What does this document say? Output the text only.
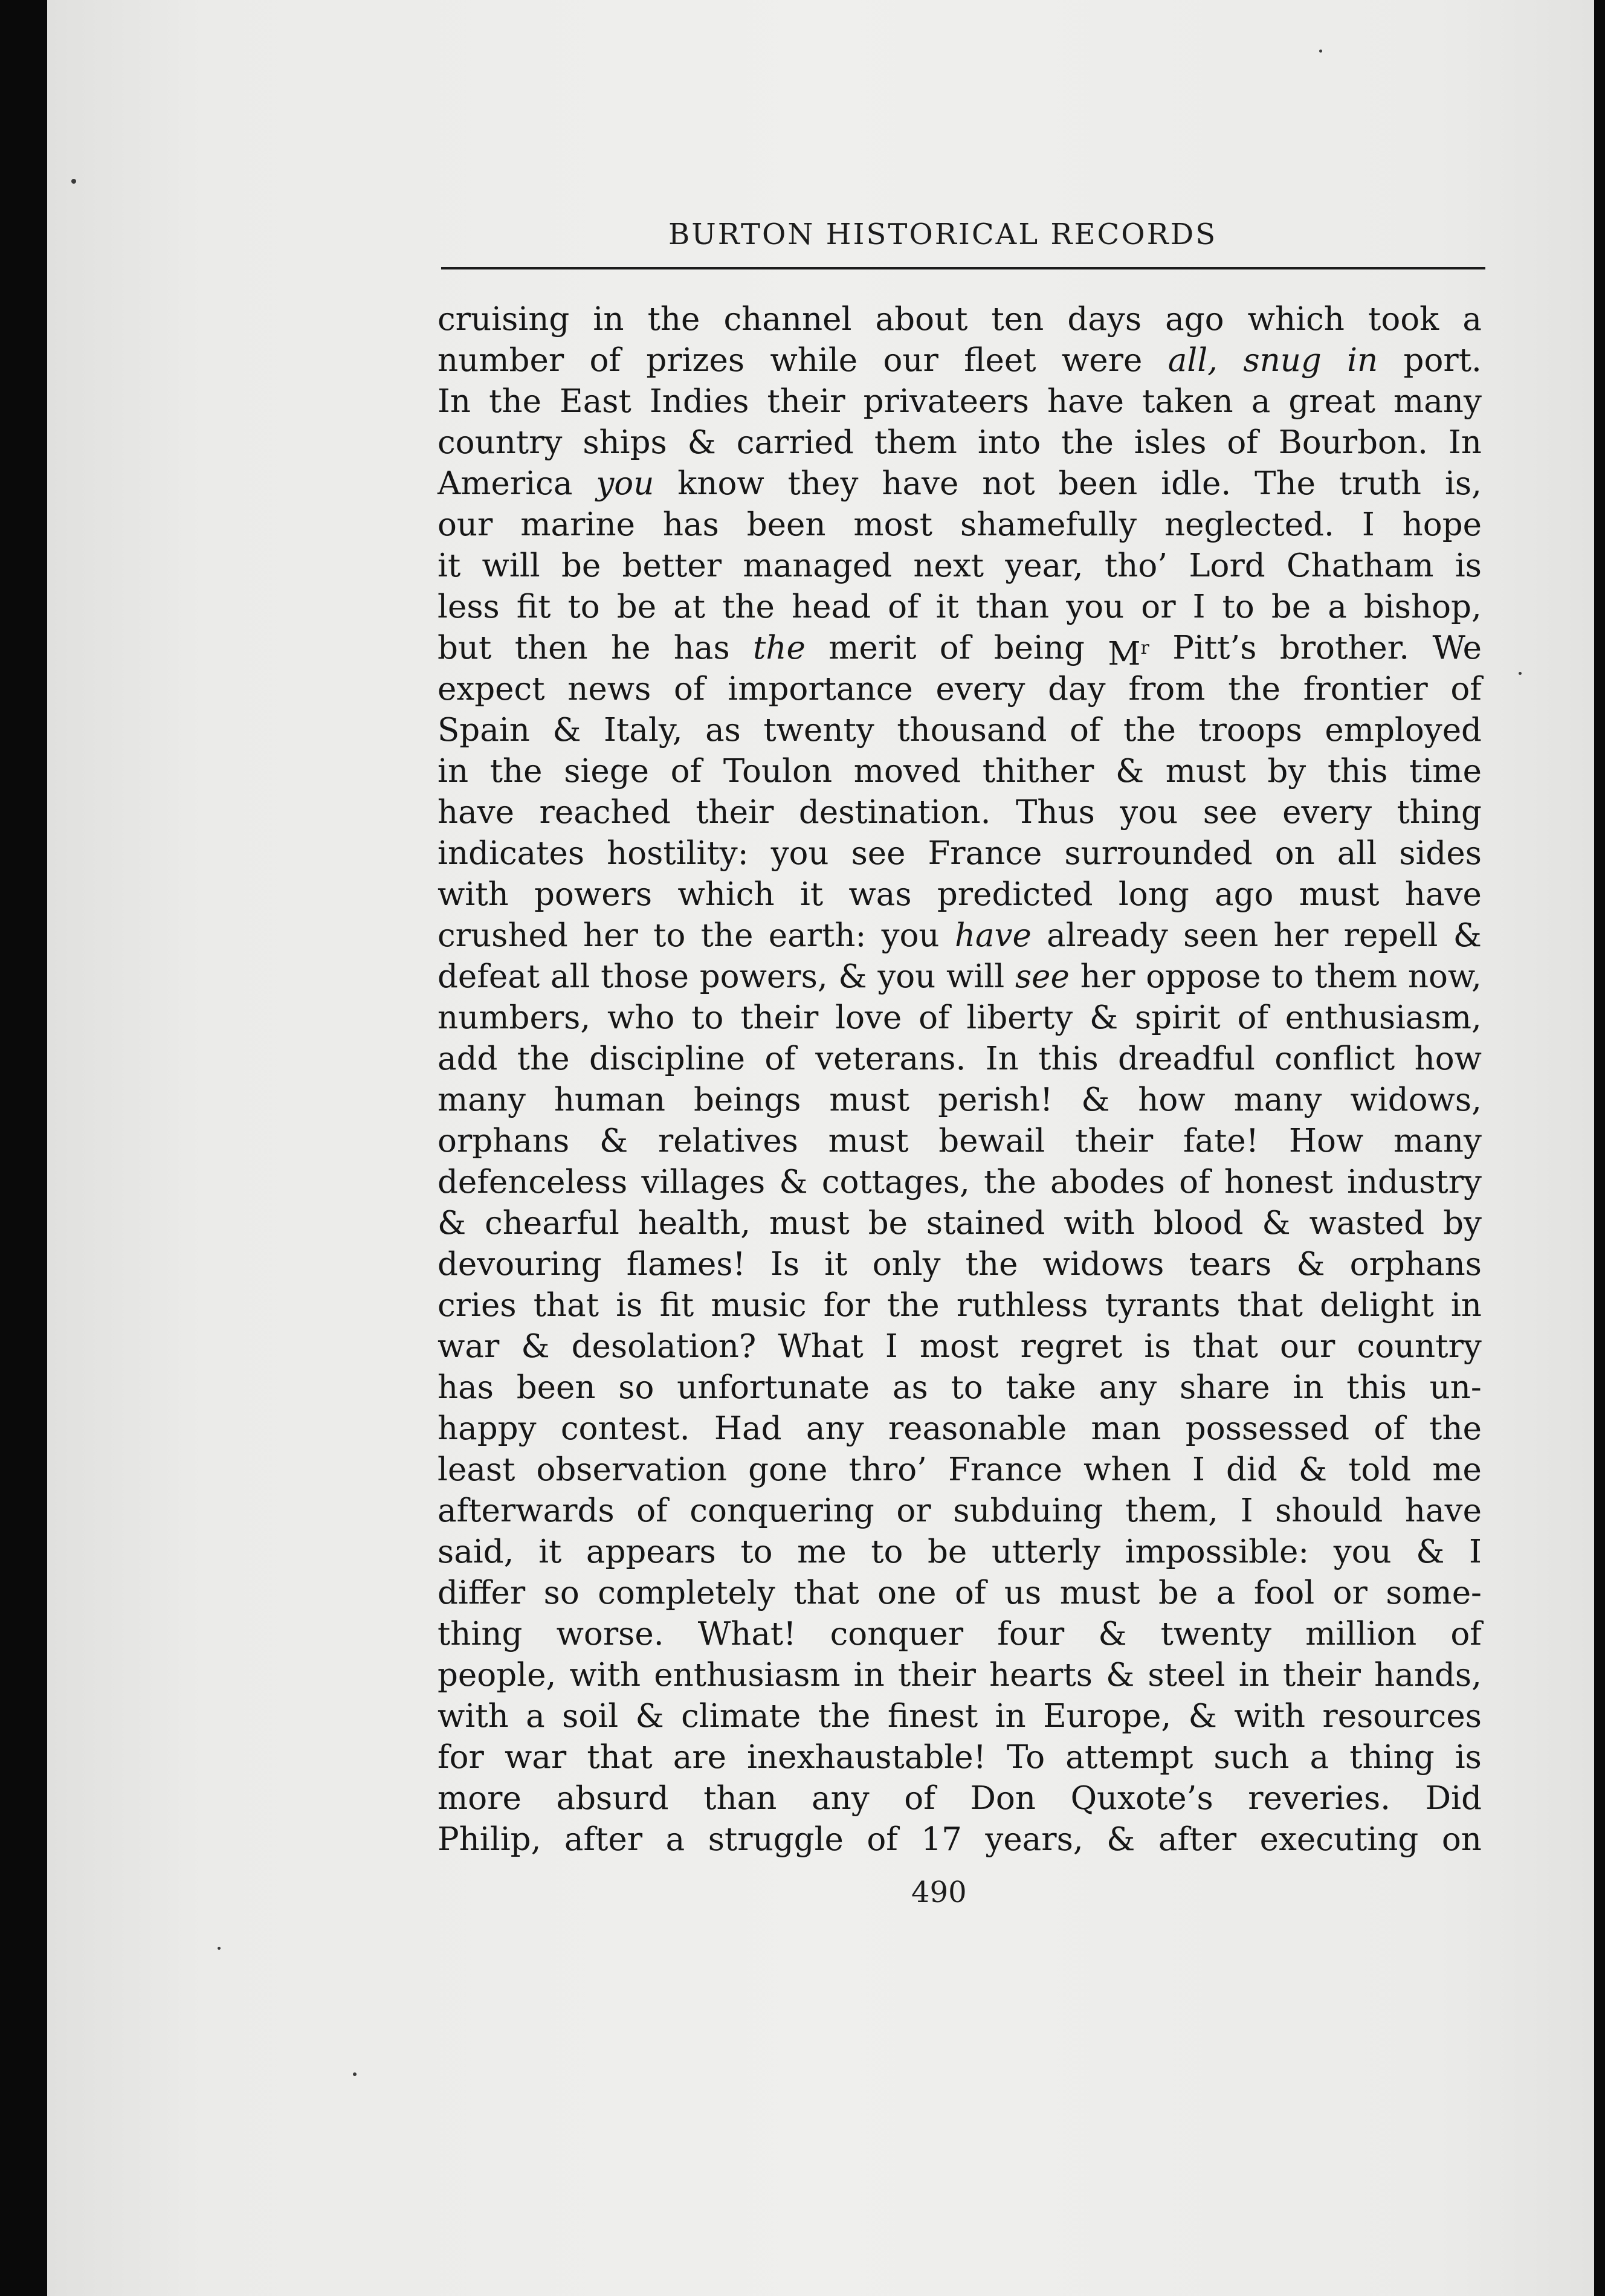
BURTON HISTORICAL RECORDS
cruising in the channel about ten days ago which took a
number of prizes while our fleet were all, snug in port.
In the East Indies their privateers have taken a great many
country ships & carried them into the isles of Bourbon. In
America you know they have not been idle. The truth is,
our marine has been most shamefully neglected. I hope
it will be better managed next year, tho’ Lord Chatham is
less fit to be at the head of it than you or I to be a bishop,
but then he has the merit of being $M^r$ Pitt’s brother. We
expect news of importance every day from the frontier of
Spain & Italy, as twenty thousand of the troops employed
in the siege of Toulon moved thither & must by this time
have reached their destination. Thus you see every thing
indicates hostility: you see France surrounded on all sides
with powers which it was predicted long ago must have
crushed her to the earth: you have already seen her repell &
defeat all those powers, & you will see her oppose to them now,
numbers, who to their love of liberty & spirit of enthusiasm,
add the discipline of veterans. In this dreadful conflict how
many human beings must perish! & how many widows,
orphans & relatives must bewail their fate! How many
defenceless villages & cottages, the abodes of honest industry
& chearful health, must be stained with blood & wasted by
devouring flames! Is it only the widows tears & orphans
cries that is fit music for the ruthless tyrants that delight in
war & desolation? What I most regret is that our country
has been so unfortunate as to take any share in this un-
happy contest. Had any reasonable man possessed of the
least observation gone thro’ France when I did & told me
afterwards of conquering or subduing them, I should have
said, it appears to me to be utterly impossible: you & I
differ so completely that one of us must be a fool or some-
thing worse. What! conquer four & twenty million of
people, with enthusiasm in their hearts & steel in their hands,
with a soil & climate the finest in Europe, & with resources
for war that are inexhaustable! To attempt such a thing is
more absurd than any of Don Quxote’s reveries. Did
Philip, after a struggle of 17 years, & after executing on
490
